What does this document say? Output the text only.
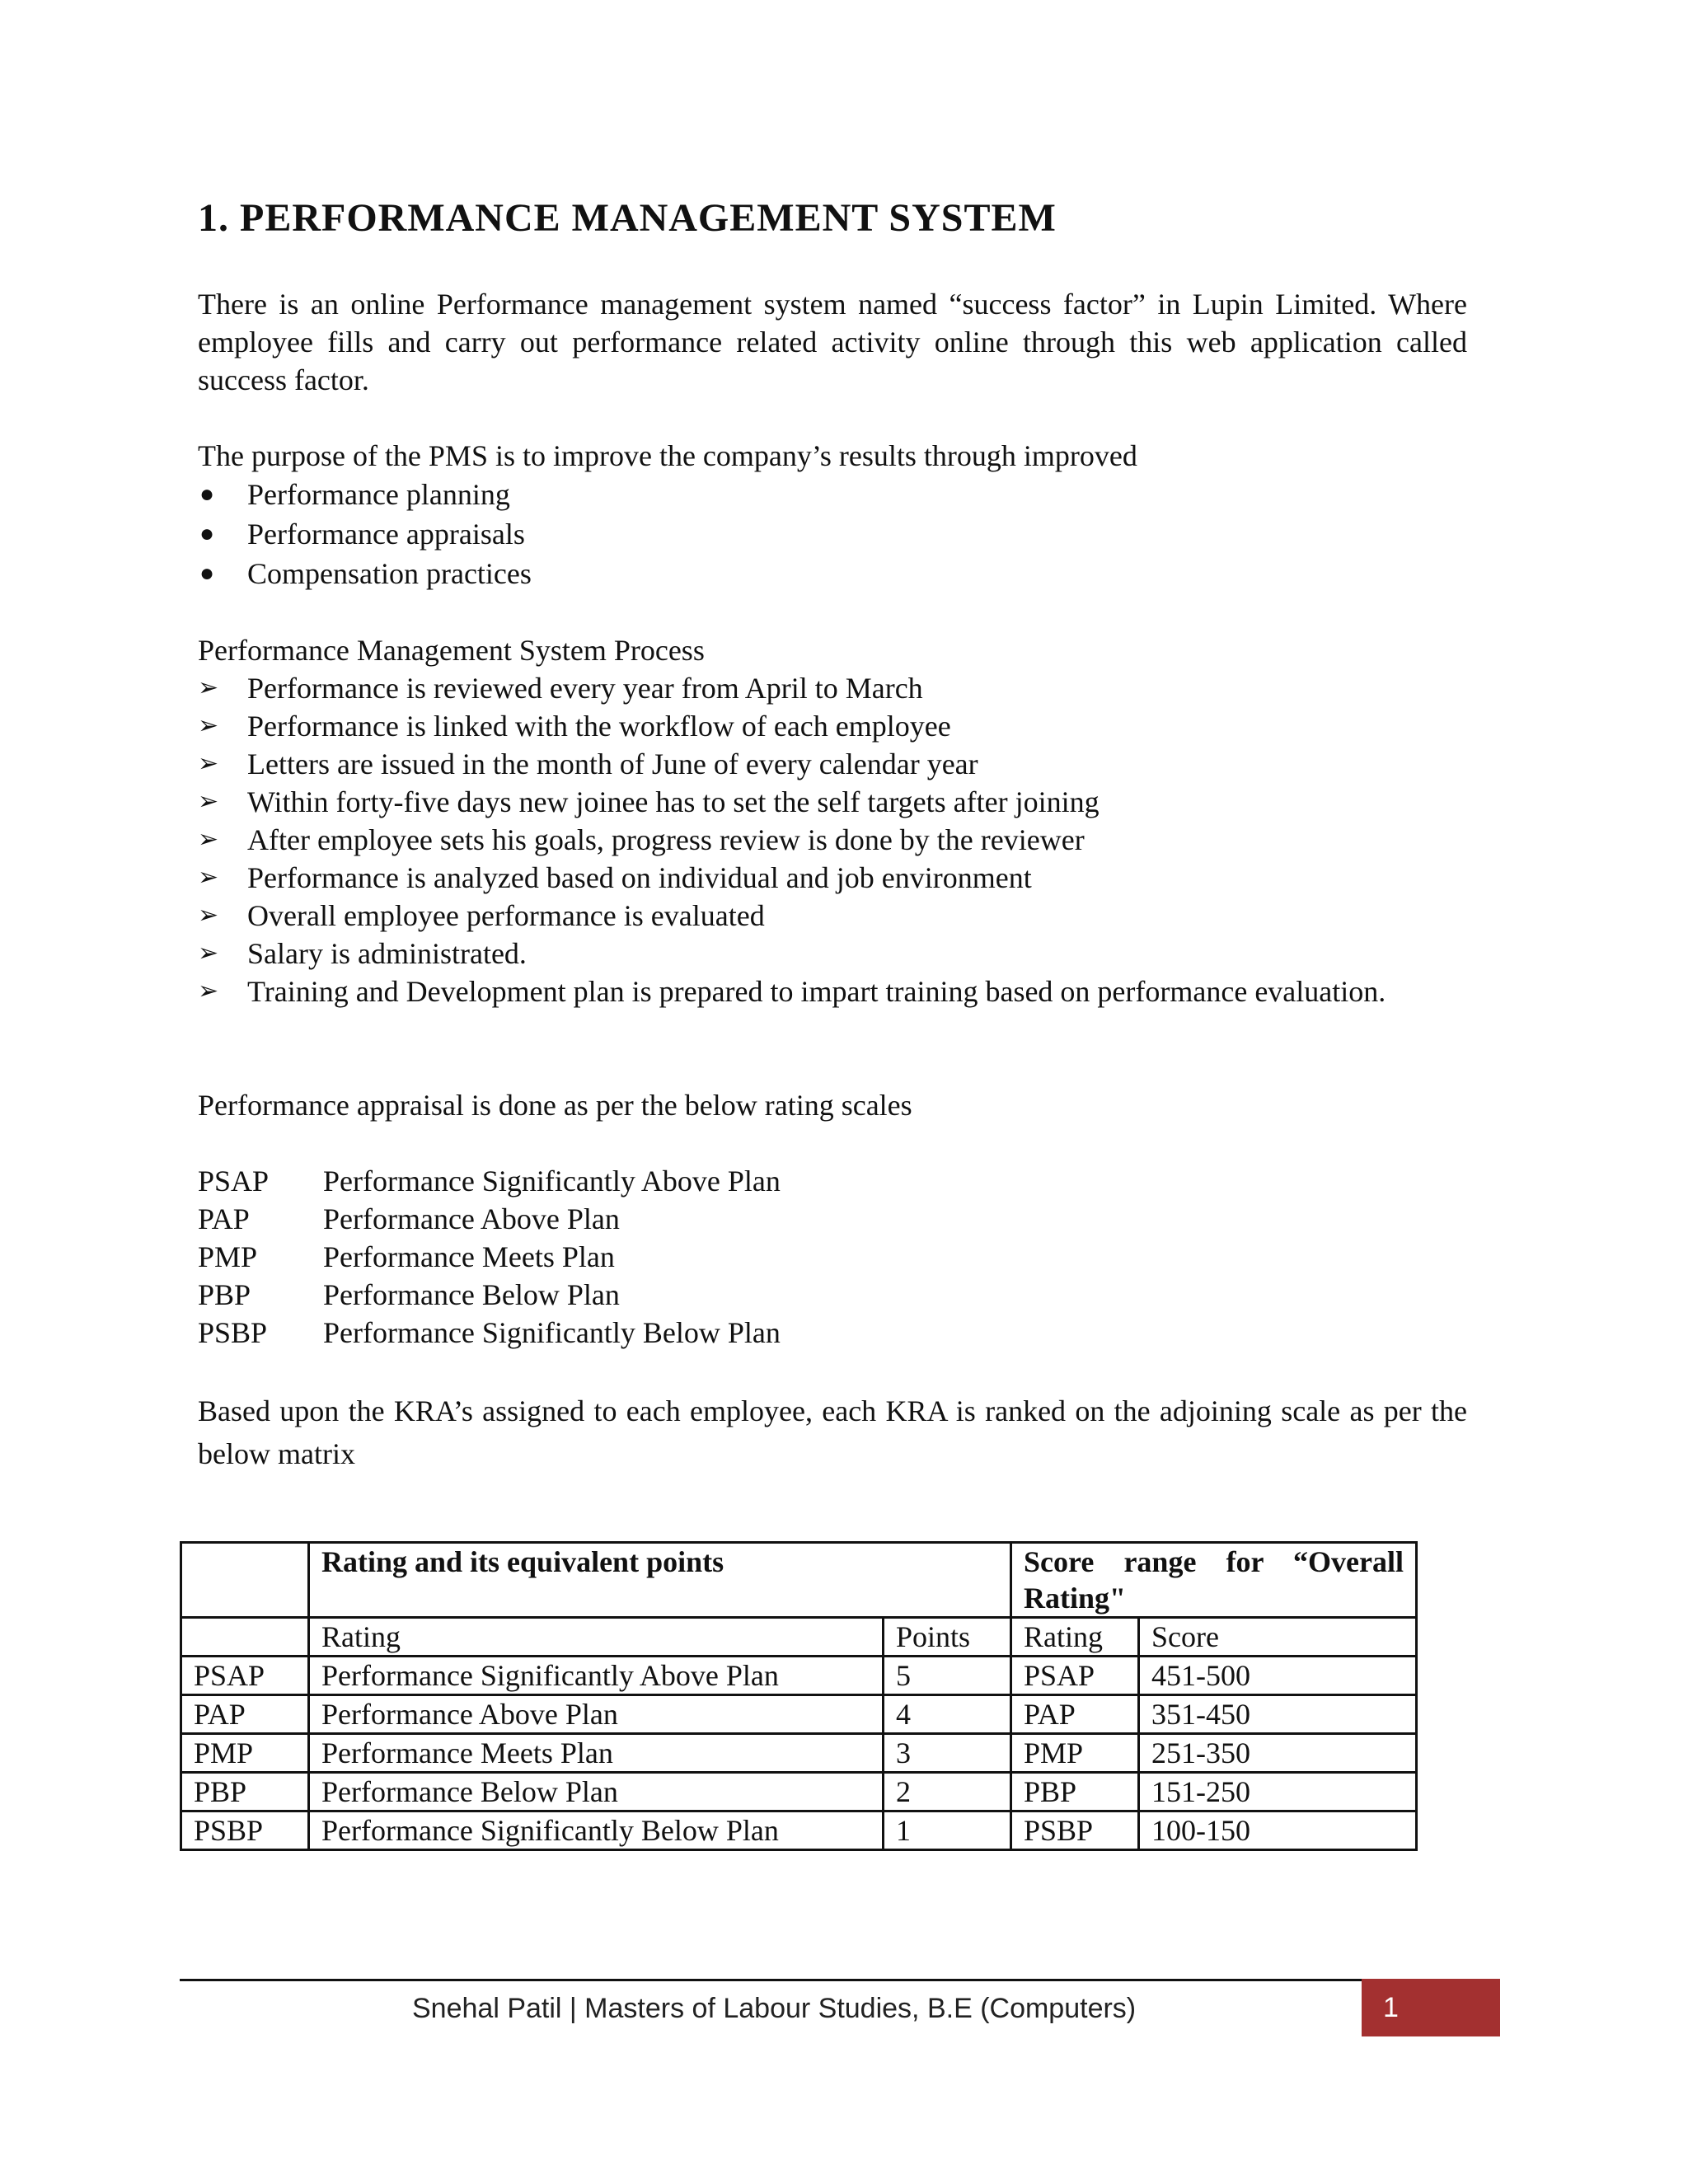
1. PERFORMANCE MANAGEMENT SYSTEM

There is an online Performance management system named “success factor” in Lupin Limited. Where employee fills and carry out performance related activity online through this web application called success factor.

The purpose of the PMS is to improve the company’s results through improved

● Performance planning
● Performance appraisals
● Compensation practices

Performance Management System Process

➢ Performance is reviewed every year from April to March
➢ Performance is linked with the workflow of each employee
➢ Letters are issued in the month of June of every calendar year
➢ Within forty-five days new joinee has to set the self targets after joining
➢ After employee sets his goals, progress review is done by the reviewer
➢ Performance is analyzed based on individual and job environment
➢ Overall employee performance is evaluated
➢ Salary is administrated.
➢ Training and Development plan is prepared to impart training based on performance evaluation.

Performance appraisal is done as per the below rating scales

PSAP	Performance Significantly Above Plan
PAP	Performance Above Plan
PMP	Performance Meets Plan
PBP	Performance Below Plan
PSBP	Performance Significantly Below Plan

Based upon the KRA’s assigned to each employee, each KRA is ranked on the adjoining scale as per the below matrix

	Rating and its equivalent points		Score range for “Overall Rating"	
	Rating	Points	Rating	Score
PSAP	Performance Significantly Above Plan	5	PSAP	451-500
PAP	Performance Above Plan	4	PAP	351-450
PMP	Performance Meets Plan	3	PMP	251-350
PBP	Performance Below Plan	2	PBP	151-250
PSBP	Performance Significantly Below Plan	1	PSBP	100-150
Snehal Patil | Masters of Labour Studies, B.E (Computers)	1
